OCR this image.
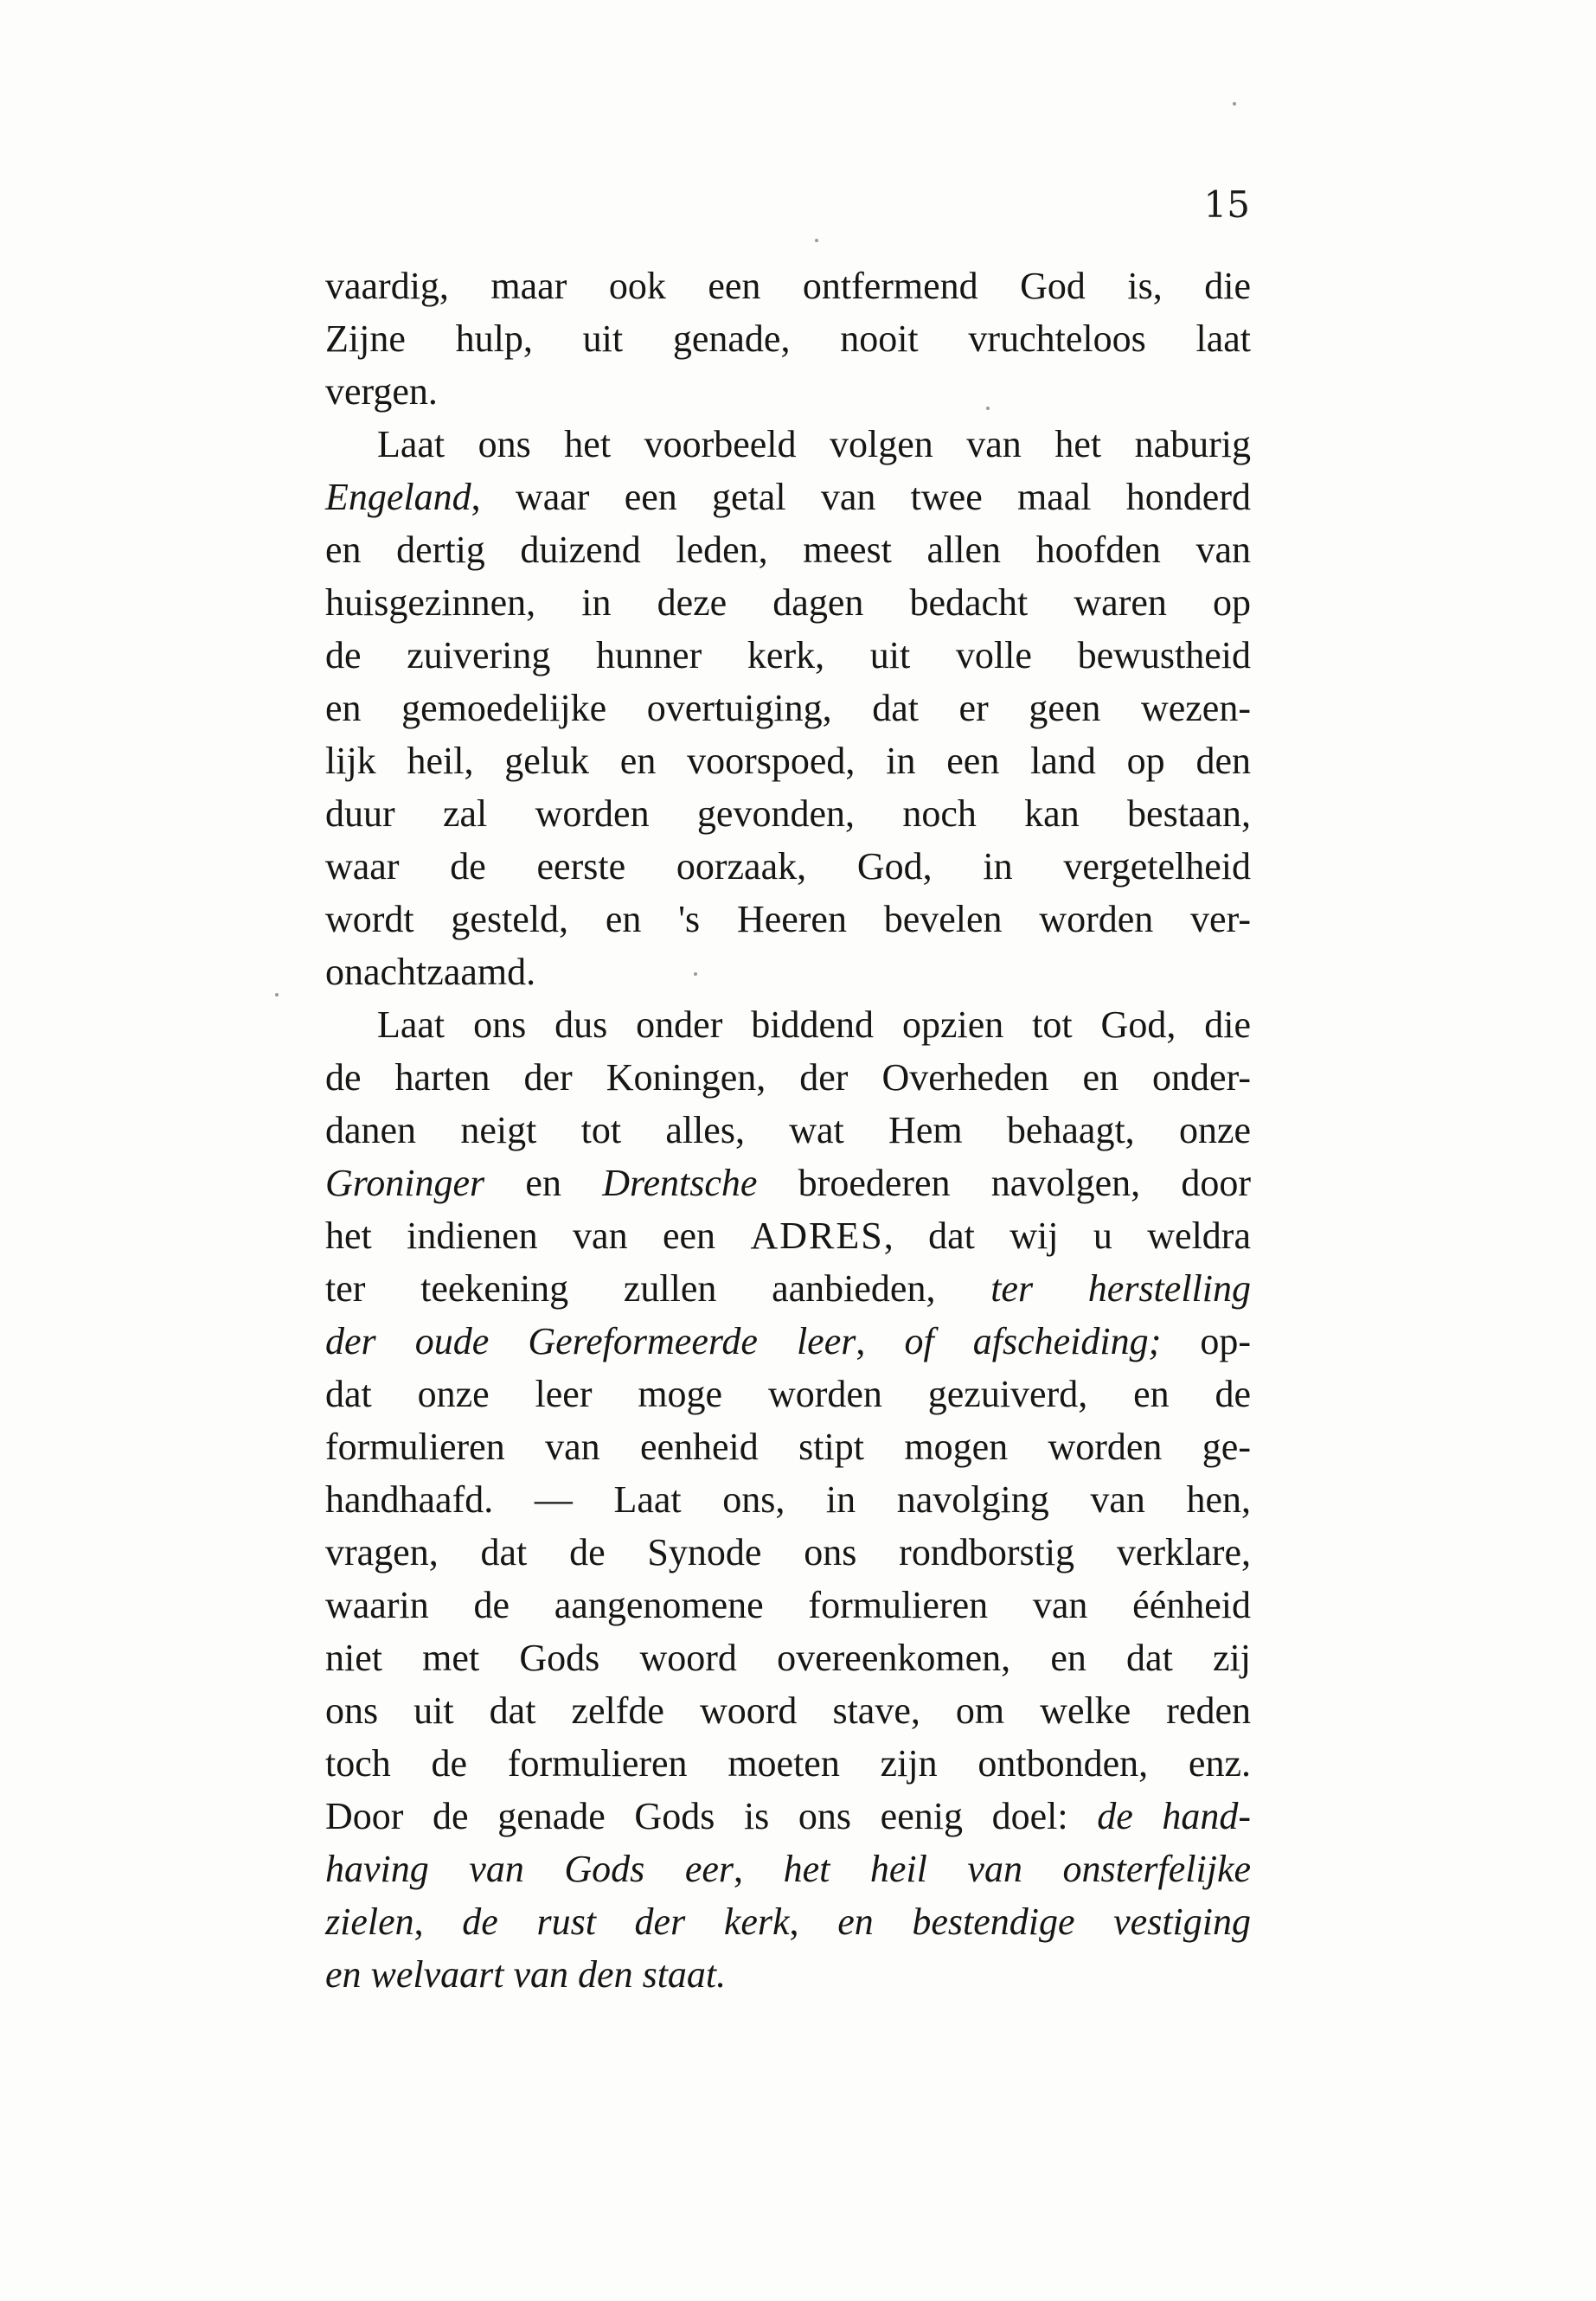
15
vaardig, maar ook een ontfermend God is, die
Zijne hulp, uit genade, nooit vruchteloos laat
vergen.
Laat ons het voorbeeld volgen van het naburig
Engeland, waar een getal van twee maal honderd
en dertig duizend leden, meest allen hoofden van
huisgezinnen, in deze dagen bedacht waren op
de zuivering hunner kerk, uit volle bewustheid
en gemoedelijke overtuiging, dat er geen wezen-
lijk heil, geluk en voorspoed, in een land op den
duur zal worden gevonden, noch kan bestaan,
waar de eerste oorzaak, God, in vergetelheid
wordt gesteld, en 's Heeren bevelen worden ver-
onachtzaamd.
Laat ons dus onder biddend opzien tot God, die
de harten der Koningen, der Overheden en onder-
danen neigt tot alles, wat Hem behaagt, onze
Groninger en Drentsche broederen navolgen, door
het indienen van een ADRES, dat wij u weldra
ter teekening zullen aanbieden, ter herstelling
der oude Gereformeerde leer, of afscheiding; op-
dat onze leer moge worden gezuiverd, en de
formulieren van eenheid stipt mogen worden ge-
handhaafd. — Laat ons, in navolging van hen,
vragen, dat de Synode ons rondborstig verklare,
waarin de aangenomene formulieren van éénheid
niet met Gods woord overeenkomen, en dat zij
ons uit dat zelfde woord stave, om welke reden
toch de formulieren moeten zijn ontbonden, enz.
Door de genade Gods is ons eenig doel: de hand-
having van Gods eer, het heil van onsterfelijke
zielen, de rust der kerk, en bestendige vestiging
en welvaart van den staat.
